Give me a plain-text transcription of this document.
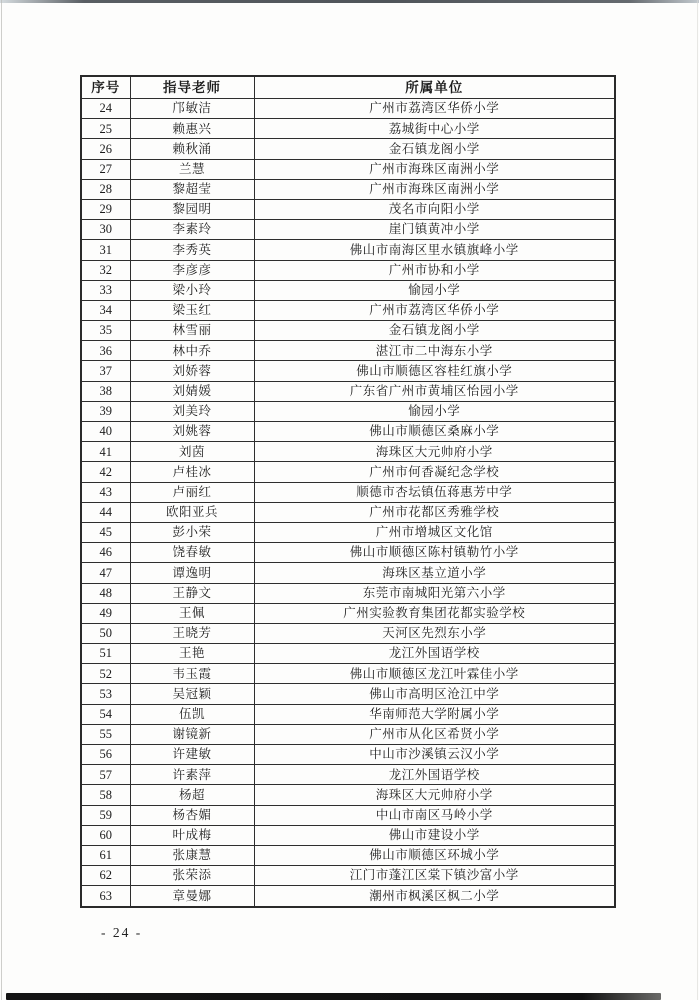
序号	指导老师	所属单位
24	邝敏洁	广州市荔湾区华侨小学
25	赖惠兴	荔城街中心小学
26	赖秋涌	金石镇龙阁小学
27	兰慧	广州市海珠区南洲小学
28	黎超莹	广州市海珠区南洲小学
29	黎园明	茂名市向阳小学
30	李素玲	崖门镇黄冲小学
31	李秀英	佛山市南海区里水镇旗峰小学
32	李彦彦	广州市协和小学
33	梁小玲	愉园小学
34	梁玉红	广州市荔湾区华侨小学
35	林雪丽	金石镇龙阁小学
36	林中乔	湛江市二中海东小学
37	刘娇蓉	佛山市顺德区容桂红旗小学
38	刘婧媛	广东省广州市黄埔区怡园小学
39	刘美玲	愉园小学
40	刘姚蓉	佛山市顺德区桑麻小学
41	刘茵	海珠区大元帅府小学
42	卢桂冰	广州市何香凝纪念学校
43	卢丽红	顺德市杏坛镇伍蒋惠芳中学
44	欧阳亚兵	广州市花都区秀雅学校
45	彭小荣	广州市增城区文化馆
46	饶春敏	佛山市顺德区陈村镇勒竹小学
47	谭逸明	海珠区基立道小学
48	王静文	东莞市南城阳光第六小学
49	王佩	广州实验教育集团花都实验学校
50	王晓芳	天河区先烈东小学
51	王艳	龙江外国语学校
52	韦玉霞	佛山市顺德区龙江叶霖佳小学
53	吴冠颖	佛山市高明区沧江中学
54	伍凯	华南师范大学附属小学
55	谢镜新	广州市从化区希贤小学
56	许建敏	中山市沙溪镇云汉小学
57	许素萍	龙江外国语学校
58	杨超	海珠区大元帅府小学
59	杨杏媚	中山市南区马岭小学
60	叶成梅	佛山市建设小学
61	张康慧	佛山市顺德区环城小学
62	张荣添	江门市蓬江区棠下镇沙富小学
63	章曼娜	潮州市枫溪区枫二小学
- 24 -
